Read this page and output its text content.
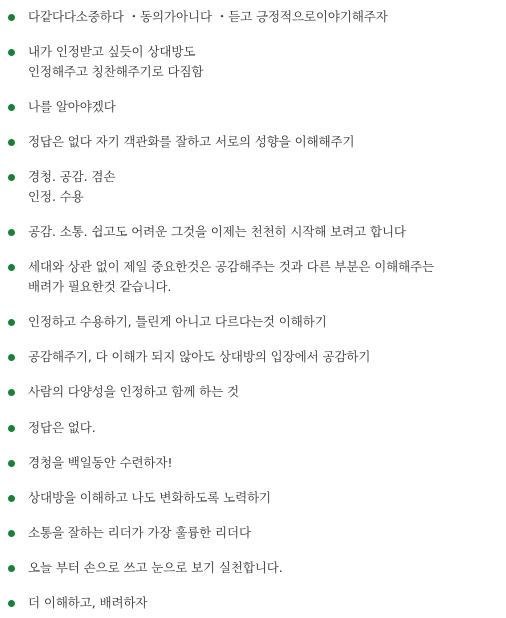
다같다다소중하다 ・동의가아니다 ・듣고 긍정적으로이야기해주자
내가 인정받고 싶듯이 상대방도
인정해주고 칭찬해주기로 다짐함
나를 알아야겠다
정답은 없다 자기 객관화를 잘하고 서로의 성향을 이해해주기
경청. 공감. 겸손
인정. 수용
공감. 소통. 쉽고도 어려운 그것을 이제는 천천히 시작해 보려고 합니다
세대와 상관 없이 제일 중요한것은 공감해주는 것과 다른 부분은 이해해주는
배려가 필요한것 같습니다.
인정하고 수용하기, 틀린게 아니고 다르다는것 이해하기
공감해주기, 다 이해가 되지 않아도 상대방의 입장에서 공감하기
사람의 다양성을 인정하고 함께 하는 것
정답은 없다.
경청을 백일동안 수련하자!
상대방을 이해하고 나도 변화하도록 노력하기
소통을 잘하는 리더가 가장 훌륭한 리더다
오늘 부터 손으로 쓰고 눈으로 보기 실천합니다.
더 이해하고, 배려하자
